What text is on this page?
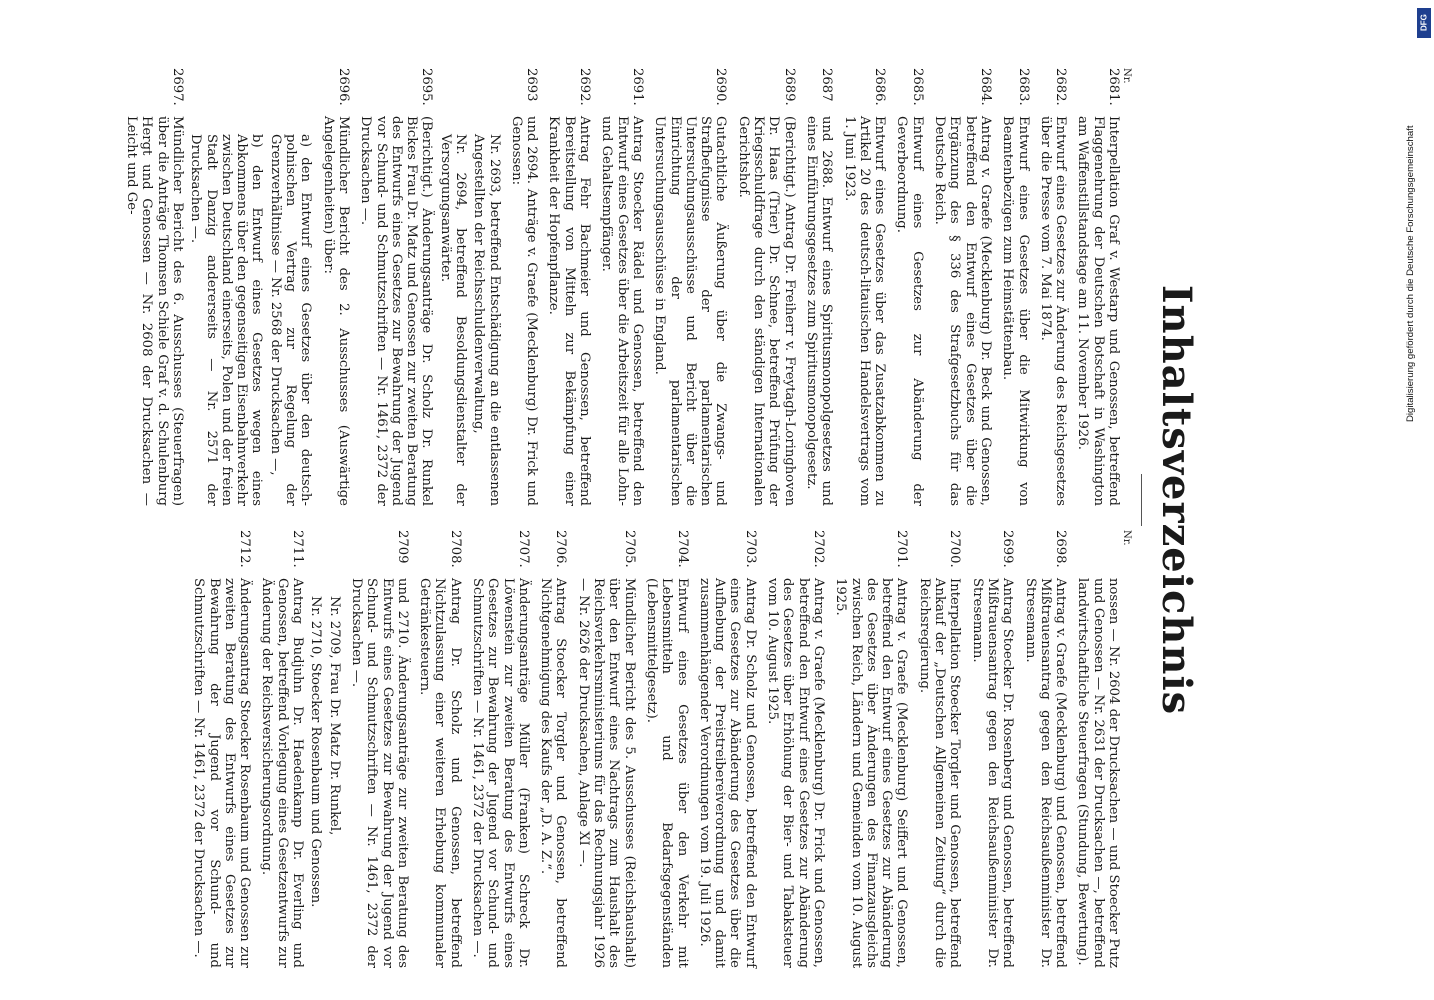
Inhaltsverzeichnis
Nr.
2681.
Interpellation Graf v. Westarp und Genossen, betreffend Flaggenehrung der Deutschen Botschaft in Washington am Waffenstillstandstage am 11. November 1926.
2682.
Entwurf eines Gesetzes zur Änderung des Reichsgesetzes über die Presse vom 7. Mai 1874.
2683.
Entwurf eines Gesetzes über die Mitwirkung von Beamtenbezügen zum Heimstättenbau.
2684.
Antrag v. Graefe (Mecklenburg) Dr. Beck und Genossen, betreffend den Entwurf eines Gesetzes über die Ergänzung des § 336 des Strafgesetzbuchs für das Deutsche Reich.
2685.
Entwurf eines Gesetzes zur Abänderung der Geverbeordnung.
2686.
Entwurf eines Gesetzes über das Zusatzabkommen zu Artikel 20 des deutsch-litauischen Handelsvertrags vom 1. Juni 1923.
2687
und 2688. Entwurf eines Spiritusmonopolgesetzes und eines Einführungsgesetzes zum Spiritusmonopolgesetz.
2689.
(Berichtigt.) Antrag Dr. Freiherr v. Freytagh-Loringhoven Dr. Haas (Trier) Dr. Schnee, betreffend Prüfung der Kriegsschuldfrage durch den ständigen Internationalen Gerichtshof.
2690.
Gutachtliche Äußerung über die Zwangs- und Strafbefugnisse der parlamentarischen Untersuchungsausschüsse und Bericht über die Einrichtung der parlamentarischen Untersuchungsausschüsse in England.
2691.
Antrag Stoecker Rädel und Genossen, betreffend den Entwurf eines Gesetzes über die Arbeitszeit für alle Lohn- und Gehaltsempfänger.
2692.
Antrag Fehr Bachmeier und Genossen, betreffend Bereitstellung von Mitteln zur Bekämpfung einer Krankheit der Hopfenpflanze.
2693
und 2694. Anträge v. Graefe (Mecklenburg) Dr. Frick und Genossen:
Nr. 2693, betreffend Entschädigung an die entlassenen Angestellten der Reichsschuldenverwaltung,
Nr. 2694, betreffend Besoldungsdienstalter der Versorgungsanwärter.
2695.
(Berichtigt.) Änderungsanträge Dr. Scholz Dr. Runkel Bickes Frau Dr. Matz und Genossen zur zweiten Beratung des Entwurfs eines Gesetzes zur Bewahrung der Jugend vor Schund- und Schmutzschriften — Nr. 1461, 2372 der Drucksachen —.
2696.
Mündlicher Bericht des 2. Ausschusses (Auswärtige Angelegenheiten) über:
a) den Entwurf eines Gesetzes über den deutsch-polnischen Vertrag zur Regelung der Grenzverhältnisse — Nr. 2568 der Drucksachen —,
b) den Entwurf eines Gesetzes wegen eines Abkommens über den gegenseitigen Eisenbahnverkehr zwischen Deutschland einerseits, Polen und der freien Stadt Danzig andererseits — Nr. 2571 der Drucksachen —.
2697.
Mündlicher Bericht des 6. Ausschusses (Steuerfragen) über die Anträge Thomsen Schiele Graf v. d. Schulenburg Hergt und Genossen — Nr. 2608 der Drucksachen — Leicht und Ge-
Nr.
nossen — Nr. 2604 der Drucksachen — und Stoecker Putz und Genossen — Nr. 2631 der Drucksachen —, betreffend landwirtschaftliche Steuerfragen (Stundung, Bewertung).
2698.
Antrag v. Graefe (Mecklenburg) und Genossen, betreffend Mißtrauensantrag gegen den Reichsaußenminister Dr. Stresemann.
2699.
Antrag Stoecker Dr. Rosenberg und Genossen, betreffend Mißtrauensantrag gegen den Reichsaußenminister Dr. Stresemann.
2700.
Interpellation Stoecker Torgler und Genossen, betreffend Ankauf der „Deutschen Allgemeinen Zeitung“ durch die Reichsregierung.
2701.
Antrag v. Graefe (Mecklenburg) Seiffert und Genossen, betreffend den Entwurf eines Gesetzes zur Abänderung des Gesetzes über Änderungen des Finanzausgleichs zwischen Reich, Ländern und Gemeinden vom 10. August 1925.
2702.
Antrag v. Graefe (Mecklenburg) Dr. Frick und Genossen, betreffend den Entwurf eines Gesetzes zur Abänderung des Gesetzes über Erhöhung der Bier- und Tabaksteuer vom 10. August 1925.
2703.
Antrag Dr. Scholz und Genossen, betreffend den Entwurf eines Gesetzes zur Abänderung des Gesetzes über die Aufhebung der Preistreibereiverordnung und damit zusammenhängender Verordnungen vom 19. Juli 1926.
2704.
Entwurf eines Gesetzes über den Verkehr mit Lebensmitteln und Bedarfsgegenständen (Lebensmittelgesetz).
2705.
Mündlicher Bericht des 5. Ausschusses (Reichshaushalt) über den Entwurf eines Nachtrags zum Haushalt des Reichsverkehrsministeriums für das Rechnungsjahr 1926 — Nr. 2626 der Drucksachen, Anlage XI —.
2706.
Antrag Stoecker Torgler und Genossen, betreffend Nichtgenehmigung des Kaufs der „D. A. Z.“.
2707.
Änderungsanträge Müller (Franken) Schreck Dr. Löwenstein zur zweiten Beratung des Entwurfs eines Gesetzes zur Bewahrung der Jugend vor Schund- und Schmutzschriften — Nr. 1461, 2372 der Drucksachen —.
2708.
Antrag Dr. Scholz und Genossen, betreffend Nichtzulassung einer weiteren Erhebung kommunaler Getränkesteuern.
2709
und 2710. Änderungsanträge zur zweiten Beratung des Entwurfs eines Gesetzes zur Bewahrung der Jugend vor Schund- und Schmutzschriften — Nr. 1461, 2372 der Drucksachen —.
Nr. 2709, Frau Dr. Matz Dr. Runkel,
Nr. 2710, Stoecker Rosenbaum und Genossen.
2711.
Antrag Budjuhn Dr. Haedenkamp Dr. Everling und Genossen, betreffend Vorlegung eines Gesetzentwurfs zur Änderung der Reichsversicherungsordnung.
2712.
Änderungsantrag Stoecker Rosenbaum und Genossen zur zweiten Beratung des Entwurfs eines Gesetzes zur Bewahrung der Jugend vor Schund- und Schmutzschriften — Nr. 1461, 2372 der Drucksachen —.
Digitalisierung gefördert durch die Deutsche Forschungsgemeinschaft
DFG
